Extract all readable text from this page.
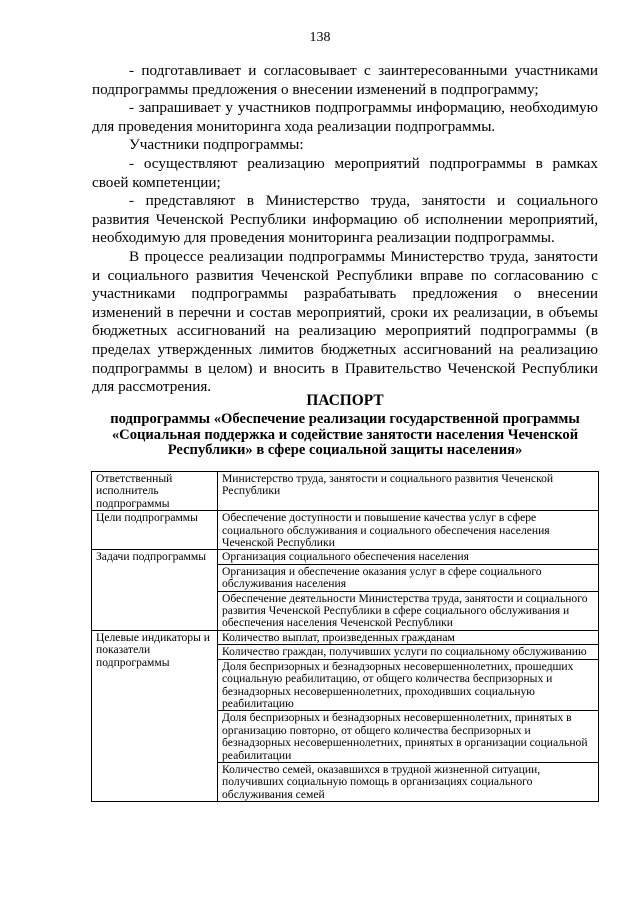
138

- подготавливает и согласовывает с заинтересованными участниками подпрограммы предложения о внесении изменений в подпрограмму;

- запрашивает у участников подпрограммы информацию, необходимую для проведения мониторинга хода реализации подпрограммы.

Участники подпрограммы:

- осуществляют реализацию мероприятий подпрограммы в рамках своей компетенции;

- представляют в Министерство труда, занятости и социального развития Чеченской Республики информацию об исполнении мероприятий, необходимую для проведения мониторинга реализации подпрограммы.

В процессе реализации подпрограммы Министерство труда, занятости и социального развития Чеченской Республики вправе по согласованию с участниками подпрограммы разрабатывать предложения о внесении изменений в перечни и состав мероприятий, сроки их реализации, в объемы бюджетных ассигнований на реализацию мероприятий подпрограммы (в пределах утвержденных лимитов бюджетных ассигнований на реализацию подпрограммы в целом) и вносить в Правительство Чеченской Республики для рассмотрения.

ПАСПОРТ
подпрограммы «Обеспечение реализации государственной программы «Социальная поддержка и содействие занятости населения Чеченской Республики» в сфере социальной защиты населения»
Ответственный исполнитель подпрограммы	Министерство труда, занятости и социального развития Чеченской Республики
Цели подпрограммы	Обеспечение доступности и повышение качества услуг в сфере социального обслуживания и социального обеспечения населения Чеченской Республики
Задачи подпрограммы	Организация социального обеспечения населения
	Организация и обеспечение оказания услуг в сфере социального обслуживания населения
	Обеспечение деятельности Министерства труда, занятости и социального развития Чеченской Республики в сфере социального обслуживания и обеспечения населения Чеченской Республики
Целевые индикаторы и показатели подпрограммы	Количество выплат, произведенных гражданам
	Количество граждан, получивших услуги по социальному обслуживанию
	Доля беспризорных и безнадзорных несовершеннолетних, прошедших социальную реабилитацию, от общего количества беспризорных и безнадзорных несовершеннолетних, проходивших социальную реабилитацию
	Доля беспризорных и безнадзорных несовершеннолетних, принятых в организацию повторно, от общего количества беспризорных и безнадзорных несовершеннолетних, принятых в организации социальной реабилитации
	Количество семей, оказавшихся в трудной жизненной ситуации, получивших социальную помощь в организациях социального обслуживания семей
